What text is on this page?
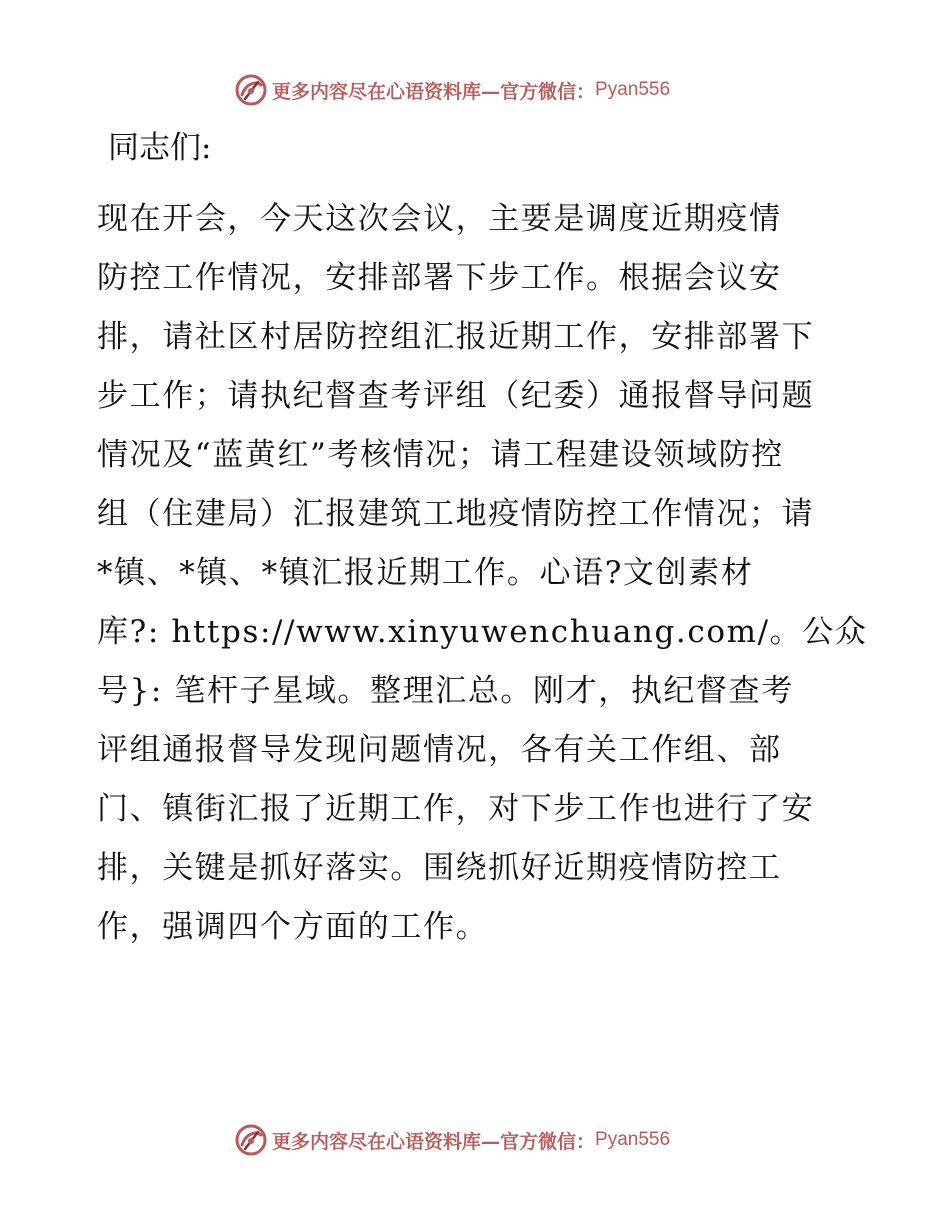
更多内容尽在心语资料库—官方微信： Pyan556
同志们:
现在开会，今天这次会议，主要是调度近期疫情
防控工作情况，安排部署下步工作。根据会议安
排，请社区村居防控组汇报近期工作，安排部署下
步工作；请执纪督查考评组（纪委）通报督导问题
情况及“蓝黄红”考核情况；请工程建设领域防控
组（住建局）汇报建筑工地疫情防控工作情况；请
*镇、*镇、*镇汇报近期工作。心语?文创素材
库?: https://www.xinyuwenchuang.com/。公众
号}: 笔杆子星域。整理汇总。刚才，执纪督查考
评组通报督导发现问题情况，各有关工作组、部
门、镇街汇报了近期工作，对下步工作也进行了安
排，关键是抓好落实。围绕抓好近期疫情防控工
作，强调四个方面的工作。
更多内容尽在心语资料库—官方微信： Pyan556
